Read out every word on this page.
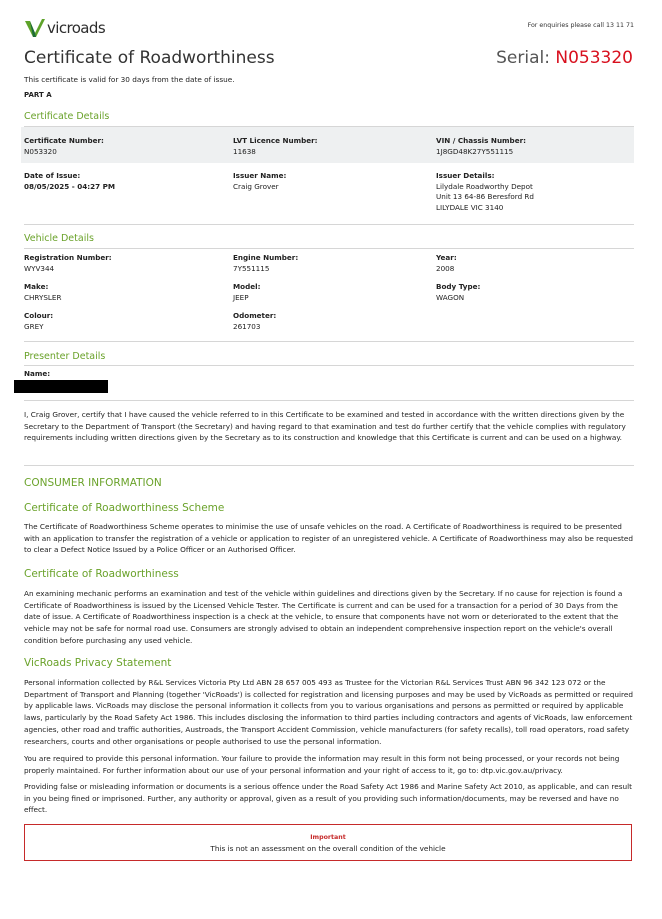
vicroads	For enquiries please call 13 11 71
Certificate of Roadworthiness	Serial: N053320
This certificate is valid for 30 days from the date of issue.
PART A
Certificate Details
Certificate Number:
N053320
LVT Licence Number:
11638
VIN / Chassis Number:
1J8GD48K27Y551115
Date of Issue:
08/05/2025 - 04:27 PM
Issuer Name:
Craig Grover
Issuer Details:
Lilydale Roadworthy Depot
Unit 13 64-86 Beresford Rd
LILYDALE VIC 3140
Vehicle Details
Registration Number:
WYV344
Engine Number:
7Y551115
Year:
2008
Make:
CHRYSLER
Model:
JEEP
Body Type:
WAGON
Colour:
GREY
Odometer:
261703
Presenter Details
Name:

I, Craig Grover, certify that I have caused the vehicle referred to in this Certificate to be examined and tested in accordance with the written directions given by the Secretary to the Department of Transport (the Secretary) and having regard to that examination and test do further certify that the vehicle complies with regulatory requirements including written directions given by the Secretary as to its construction and knowledge that this Certificate is current and can be used on a highway.

CONSUMER INFORMATION
Certificate of Roadworthiness Scheme

The Certificate of Roadworthiness Scheme operates to minimise the use of unsafe vehicles on the road. A Certificate of Roadworthiness is required to be presented with an application to transfer the registration of a vehicle or application to register of an unregistered vehicle. A Certificate of Roadworthiness may also be requested to clear a Defect Notice Issued by a Police Officer or an Authorised Officer.

Certificate of Roadworthiness

An examining mechanic performs an examination and test of the vehicle within guidelines and directions given by the Secretary. If no cause for rejection is found a Certificate of Roadworthiness is issued by the Licensed Vehicle Tester. The Certificate is current and can be used for a transaction for a period of 30 Days from the date of issue. A Certificate of Roadworthiness inspection is a check at the vehicle, to ensure that components have not worn or deteriorated to the extent that the vehicle may not be safe for normal road use. Consumers are strongly advised to obtain an independent comprehensive inspection report on the vehicle's overall condition before purchasing any used vehicle.

VicRoads Privacy Statement

Personal information collected by R&L Services Victoria Pty Ltd ABN 28 657 005 493 as Trustee for the Victorian R&L Services Trust ABN 96 342 123 072 or the Department of Transport and Planning (together 'VicRoads') is collected for registration and licensing purposes and may be used by VicRoads as permitted or required by applicable laws. VicRoads may disclose the personal information it collects from you to various organisations and persons as permitted or required by applicable laws, particularly by the Road Safety Act 1986. This includes disclosing the information to third parties including contractors and agents of VicRoads, law enforcement agencies, other road and traffic authorities, Austroads, the Transport Accident Commission, vehicle manufacturers (for safety recalls), toll road operators, road safety researchers, courts and other organisations or people authorised to use the personal information.

You are required to provide this personal information. Your failure to provide the information may result in this form not being processed, or your records not being properly maintained. For further information about our use of your personal information and your right of access to it, go to: dtp.vic.gov.au/privacy.

Providing false or misleading information or documents is a serious offence under the Road Safety Act 1986 and Marine Safety Act 2010, as applicable, and can result in you being fined or imprisoned. Further, any authority or approval, given as a result of you providing such information/documents, may be reversed and have no effect.

Important
This is not an assessment on the overall condition of the vehicle
